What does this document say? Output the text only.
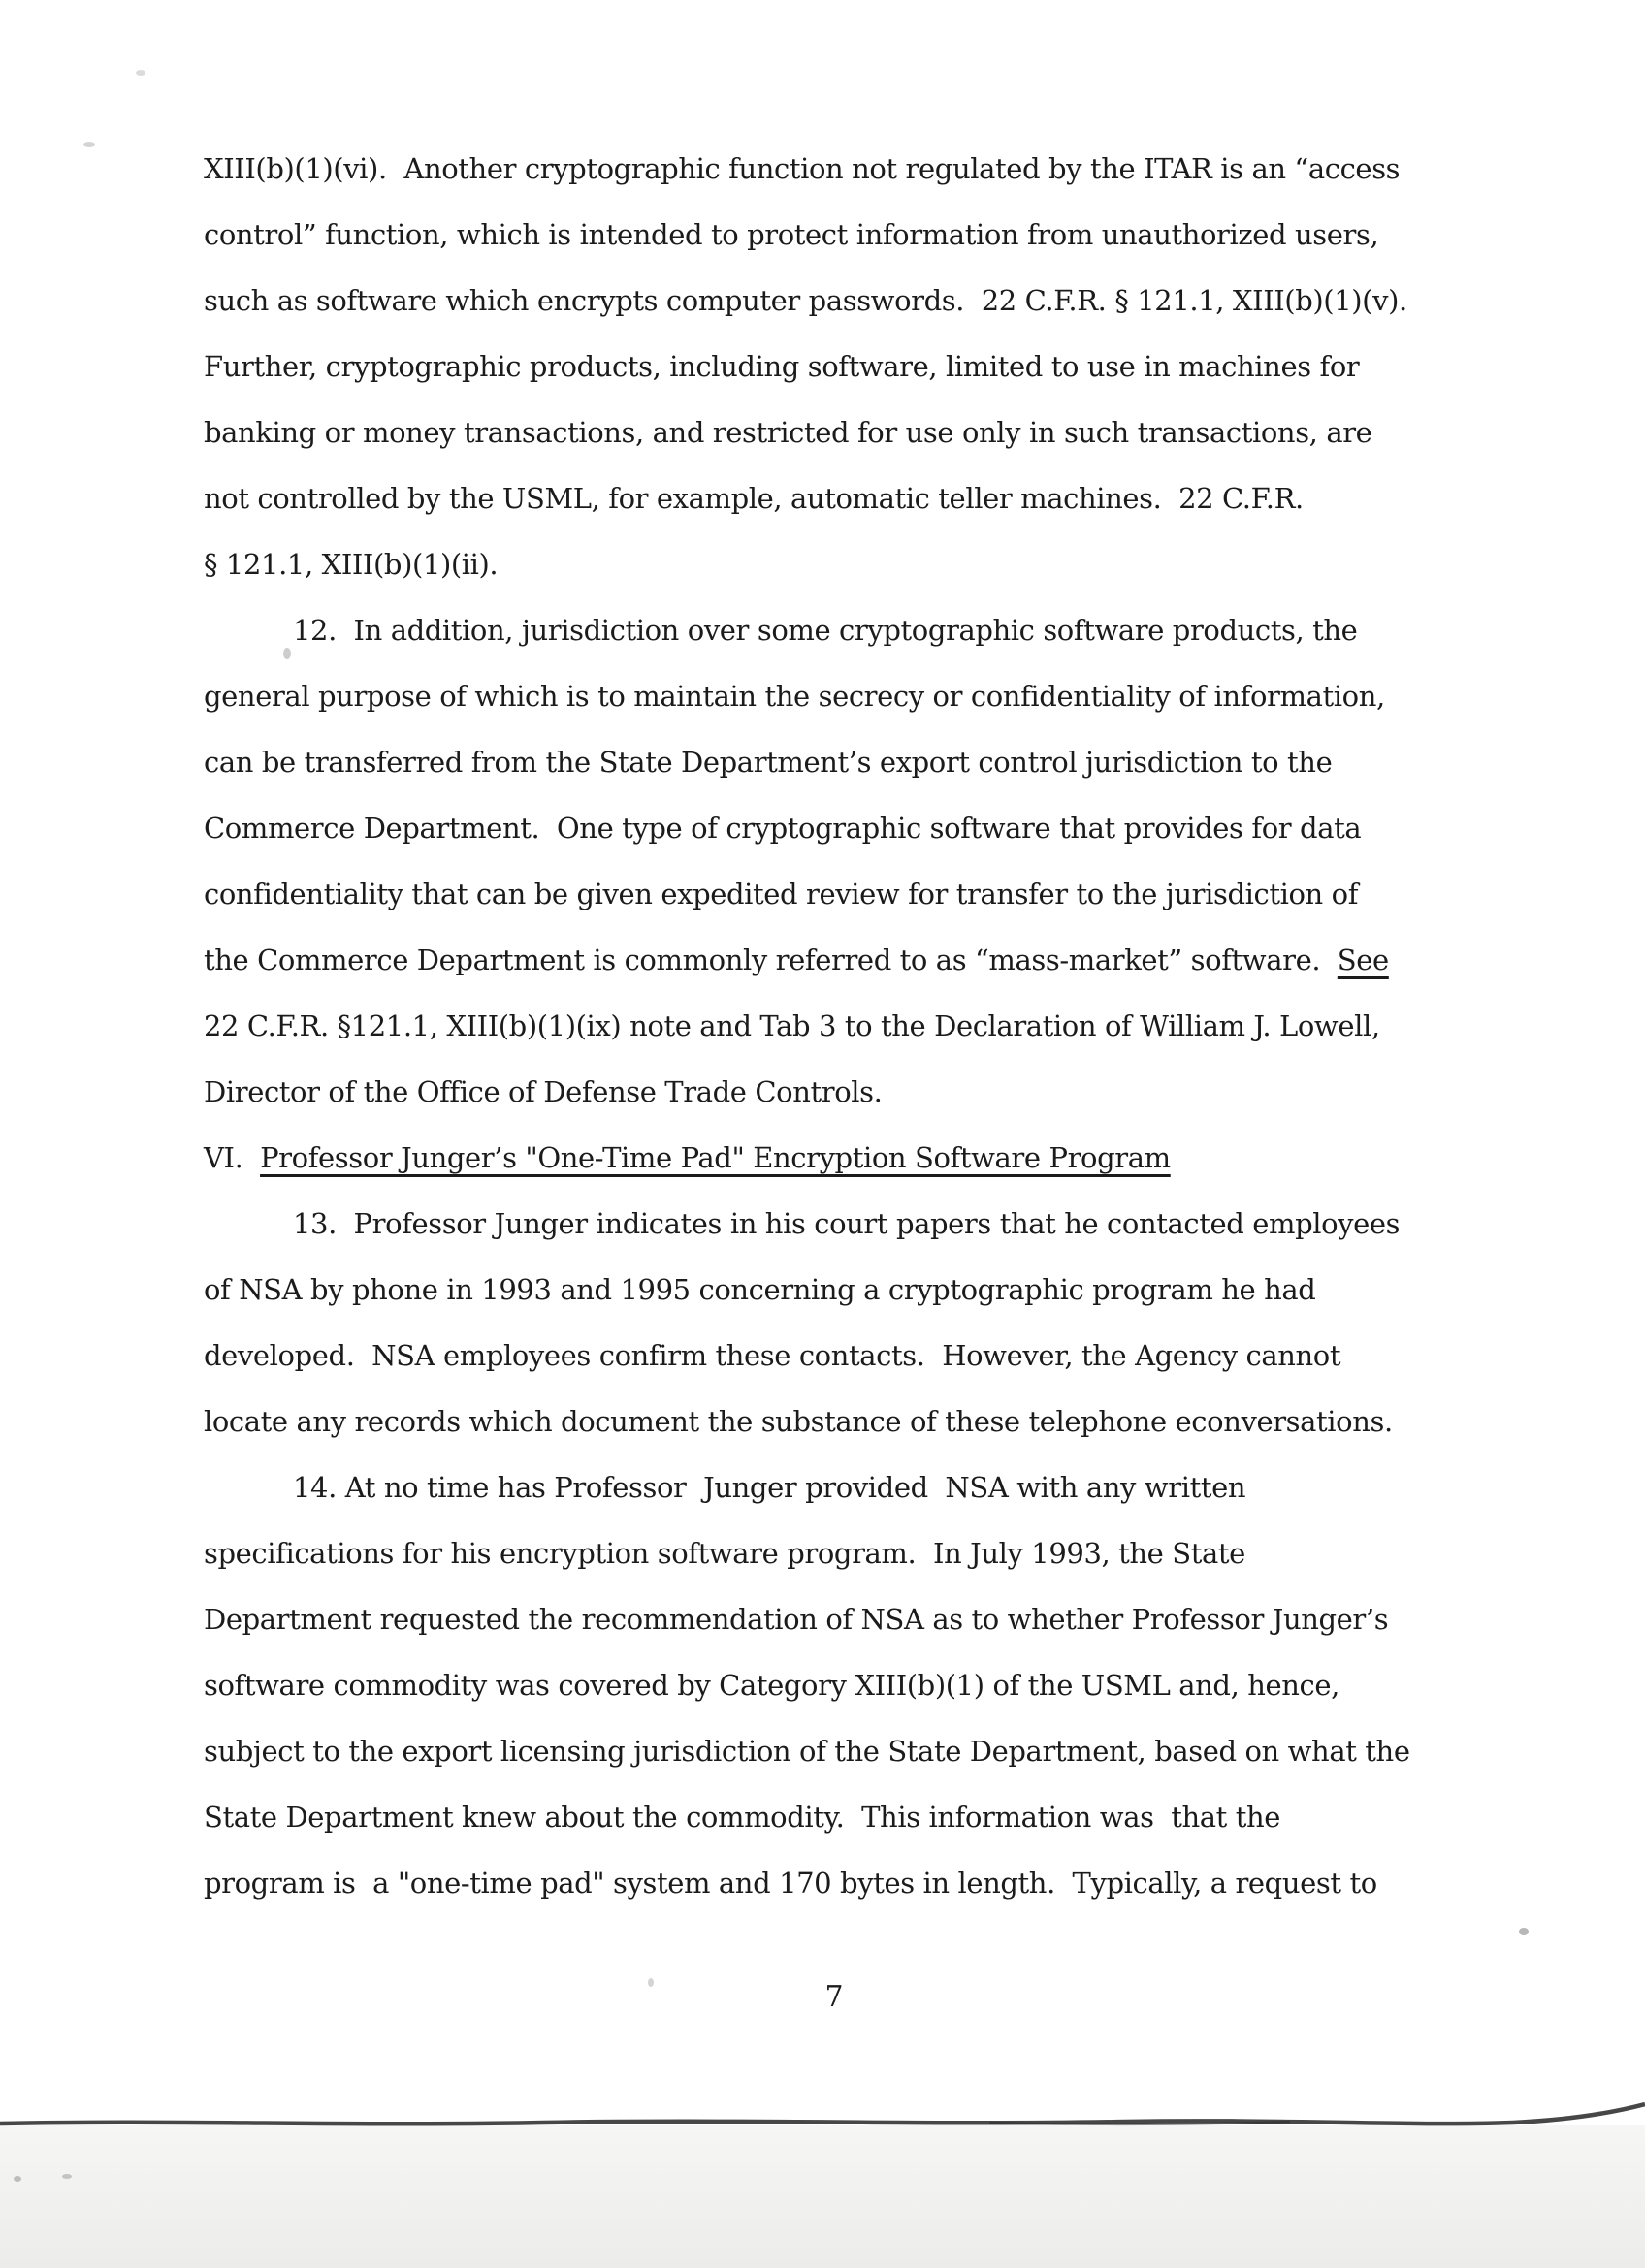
XIII(b)(1)(vi).  Another cryptographic function not regulated by the ITAR is an “access
control” function, which is intended to protect information from unauthorized users,
such as software which encrypts computer passwords.  22 C.F.R. § 121.1, XIII(b)(1)(v).
Further, cryptographic products, including software, limited to use in machines for
banking or money transactions, and restricted for use only in such transactions, are
not controlled by the USML, for example, automatic teller machines.  22 C.F.R.
§ 121.1, XIII(b)(1)(ii).
12.  In addition, jurisdiction over some cryptographic software products, the
general purpose of which is to maintain the secrecy or confidentiality of information,
can be transferred from the State Department’s export control jurisdiction to the
Commerce Department.  One type of cryptographic software that provides for data
confidentiality that can be given expedited review for transfer to the jurisdiction of
the Commerce Department is commonly referred to as “mass-market” software.  See
22 C.F.R. §121.1, XIII(b)(1)(ix) note and Tab 3 to the Declaration of William J. Lowell,
Director of the Office of Defense Trade Controls.
VI.  Professor Junger’s "One-Time Pad" Encryption Software Program
13.  Professor Junger indicates in his court papers that he contacted employees
of NSA by phone in 1993 and 1995 concerning a cryptographic program he had
developed.  NSA employees confirm these contacts.  However, the Agency cannot
locate any records which document the substance of these telephone econversations.
14. At no time has Professor  Junger provided  NSA with any written
specifications for his encryption software program.  In July 1993, the State
Department requested the recommendation of NSA as to whether Professor Junger’s
software commodity was covered by Category XIII(b)(1) of the USML and, hence,
subject to the export licensing jurisdiction of the State Department, based on what the
State Department knew about the commodity.  This information was  that the
program is  a "one-time pad" system and 170 bytes in length.  Typically, a request to
7
